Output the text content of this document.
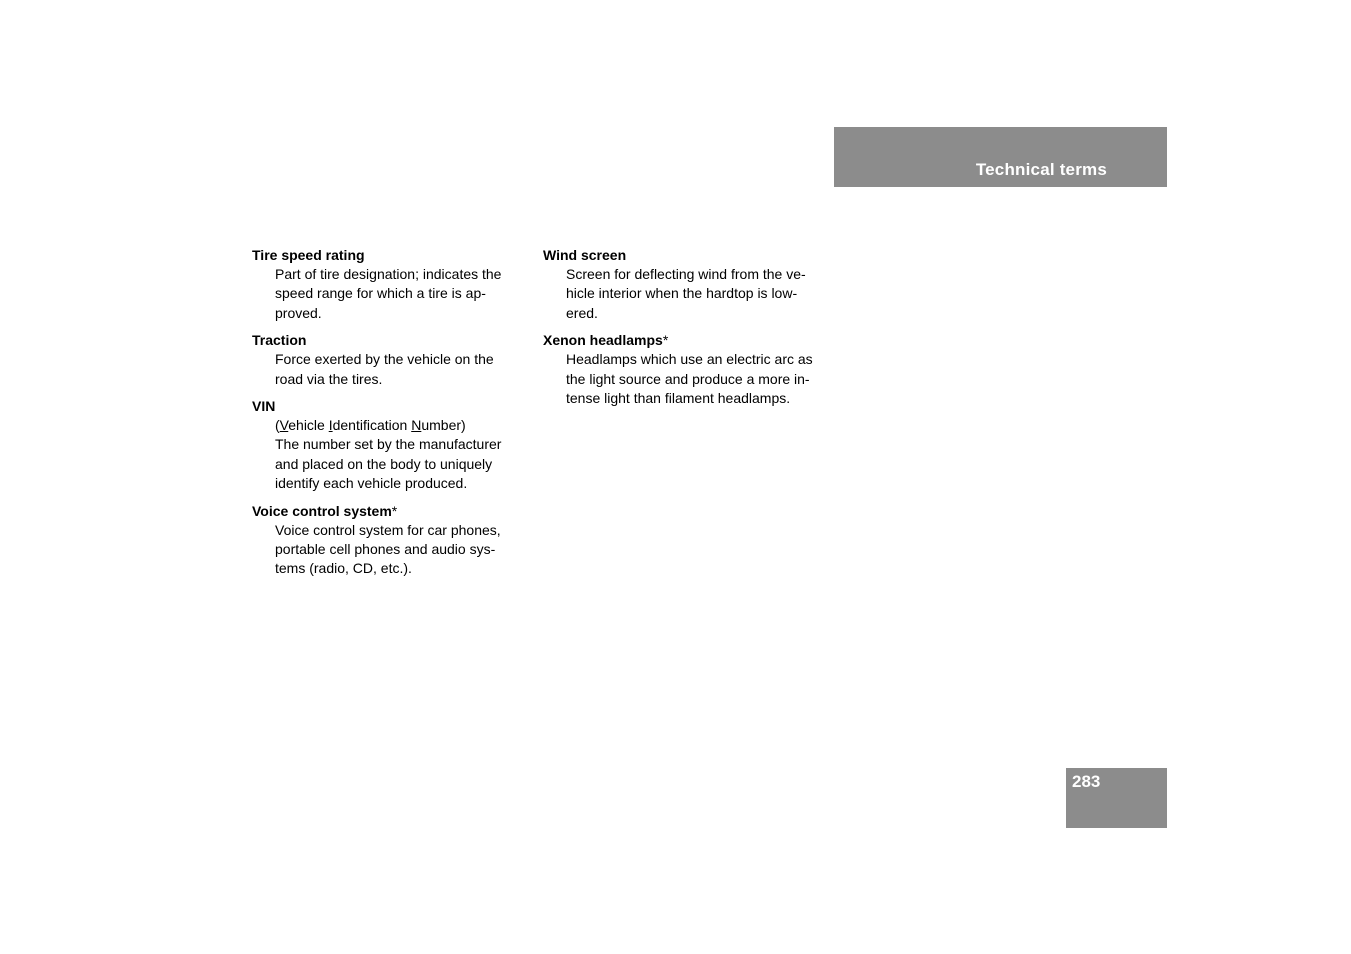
Technical terms
Tire speed rating
Part of tire designation; indicates the
speed range for which a tire is ap-
proved.
Traction
Force exerted by the vehicle on the
road via the tires.
VIN
(Vehicle Identification Number)
The number set by the manufacturer
and placed on the body to uniquely
identify each vehicle produced.
Voice control system*
Voice control system for car phones,
portable cell phones and audio sys-
tems (radio, CD, etc.).
Wind screen
Screen for deflecting wind from the ve-
hicle interior when the hardtop is low-
ered.
Xenon headlamps*
Headlamps which use an electric arc as
the light source and produce a more in-
tense light than filament headlamps.
283
